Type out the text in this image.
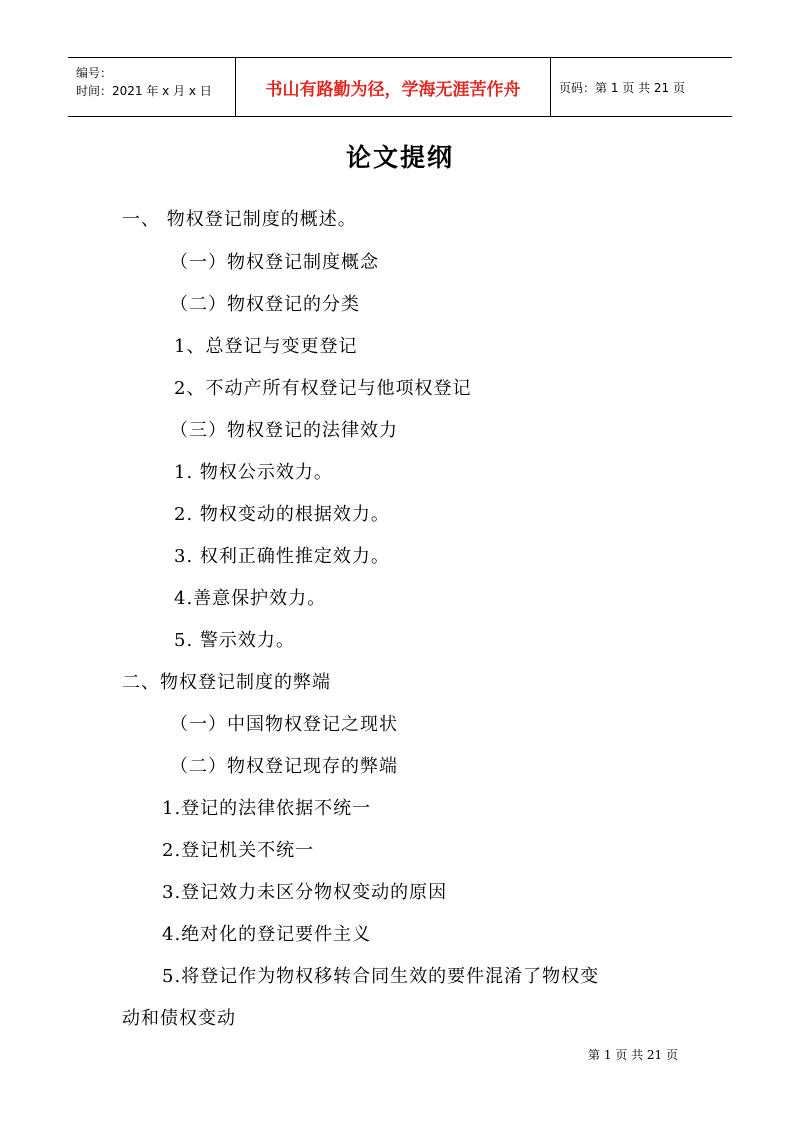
编号：
时间：2021 年 x 月 x 日	书山有路勤为径，学海无涯苦作舟	页码：第 1 页 共 21 页
论文提纲
一、 物权登记制度的概述。
（一）物权登记制度概念
（二）物权登记的分类
1、总登记与变更登记
2、不动产所有权登记与他项权登记
（三）物权登记的法律效力
1. 物权公示效力。
2. 物权变动的根据效力。
3. 权利正确性推定效力。
4.善意保护效力。
5. 警示效力。
二、物权登记制度的弊端
（一）中国物权登记之现状
（二）物权登记现存的弊端
1.登记的法律依据不统一
2.登记机关不统一
3.登记效力未区分物权变动的原因
4.绝对化的登记要件主义
5.将登记作为物权移转合同生效的要件混淆了物权变
动和债权变动
第 1 页 共 21 页
